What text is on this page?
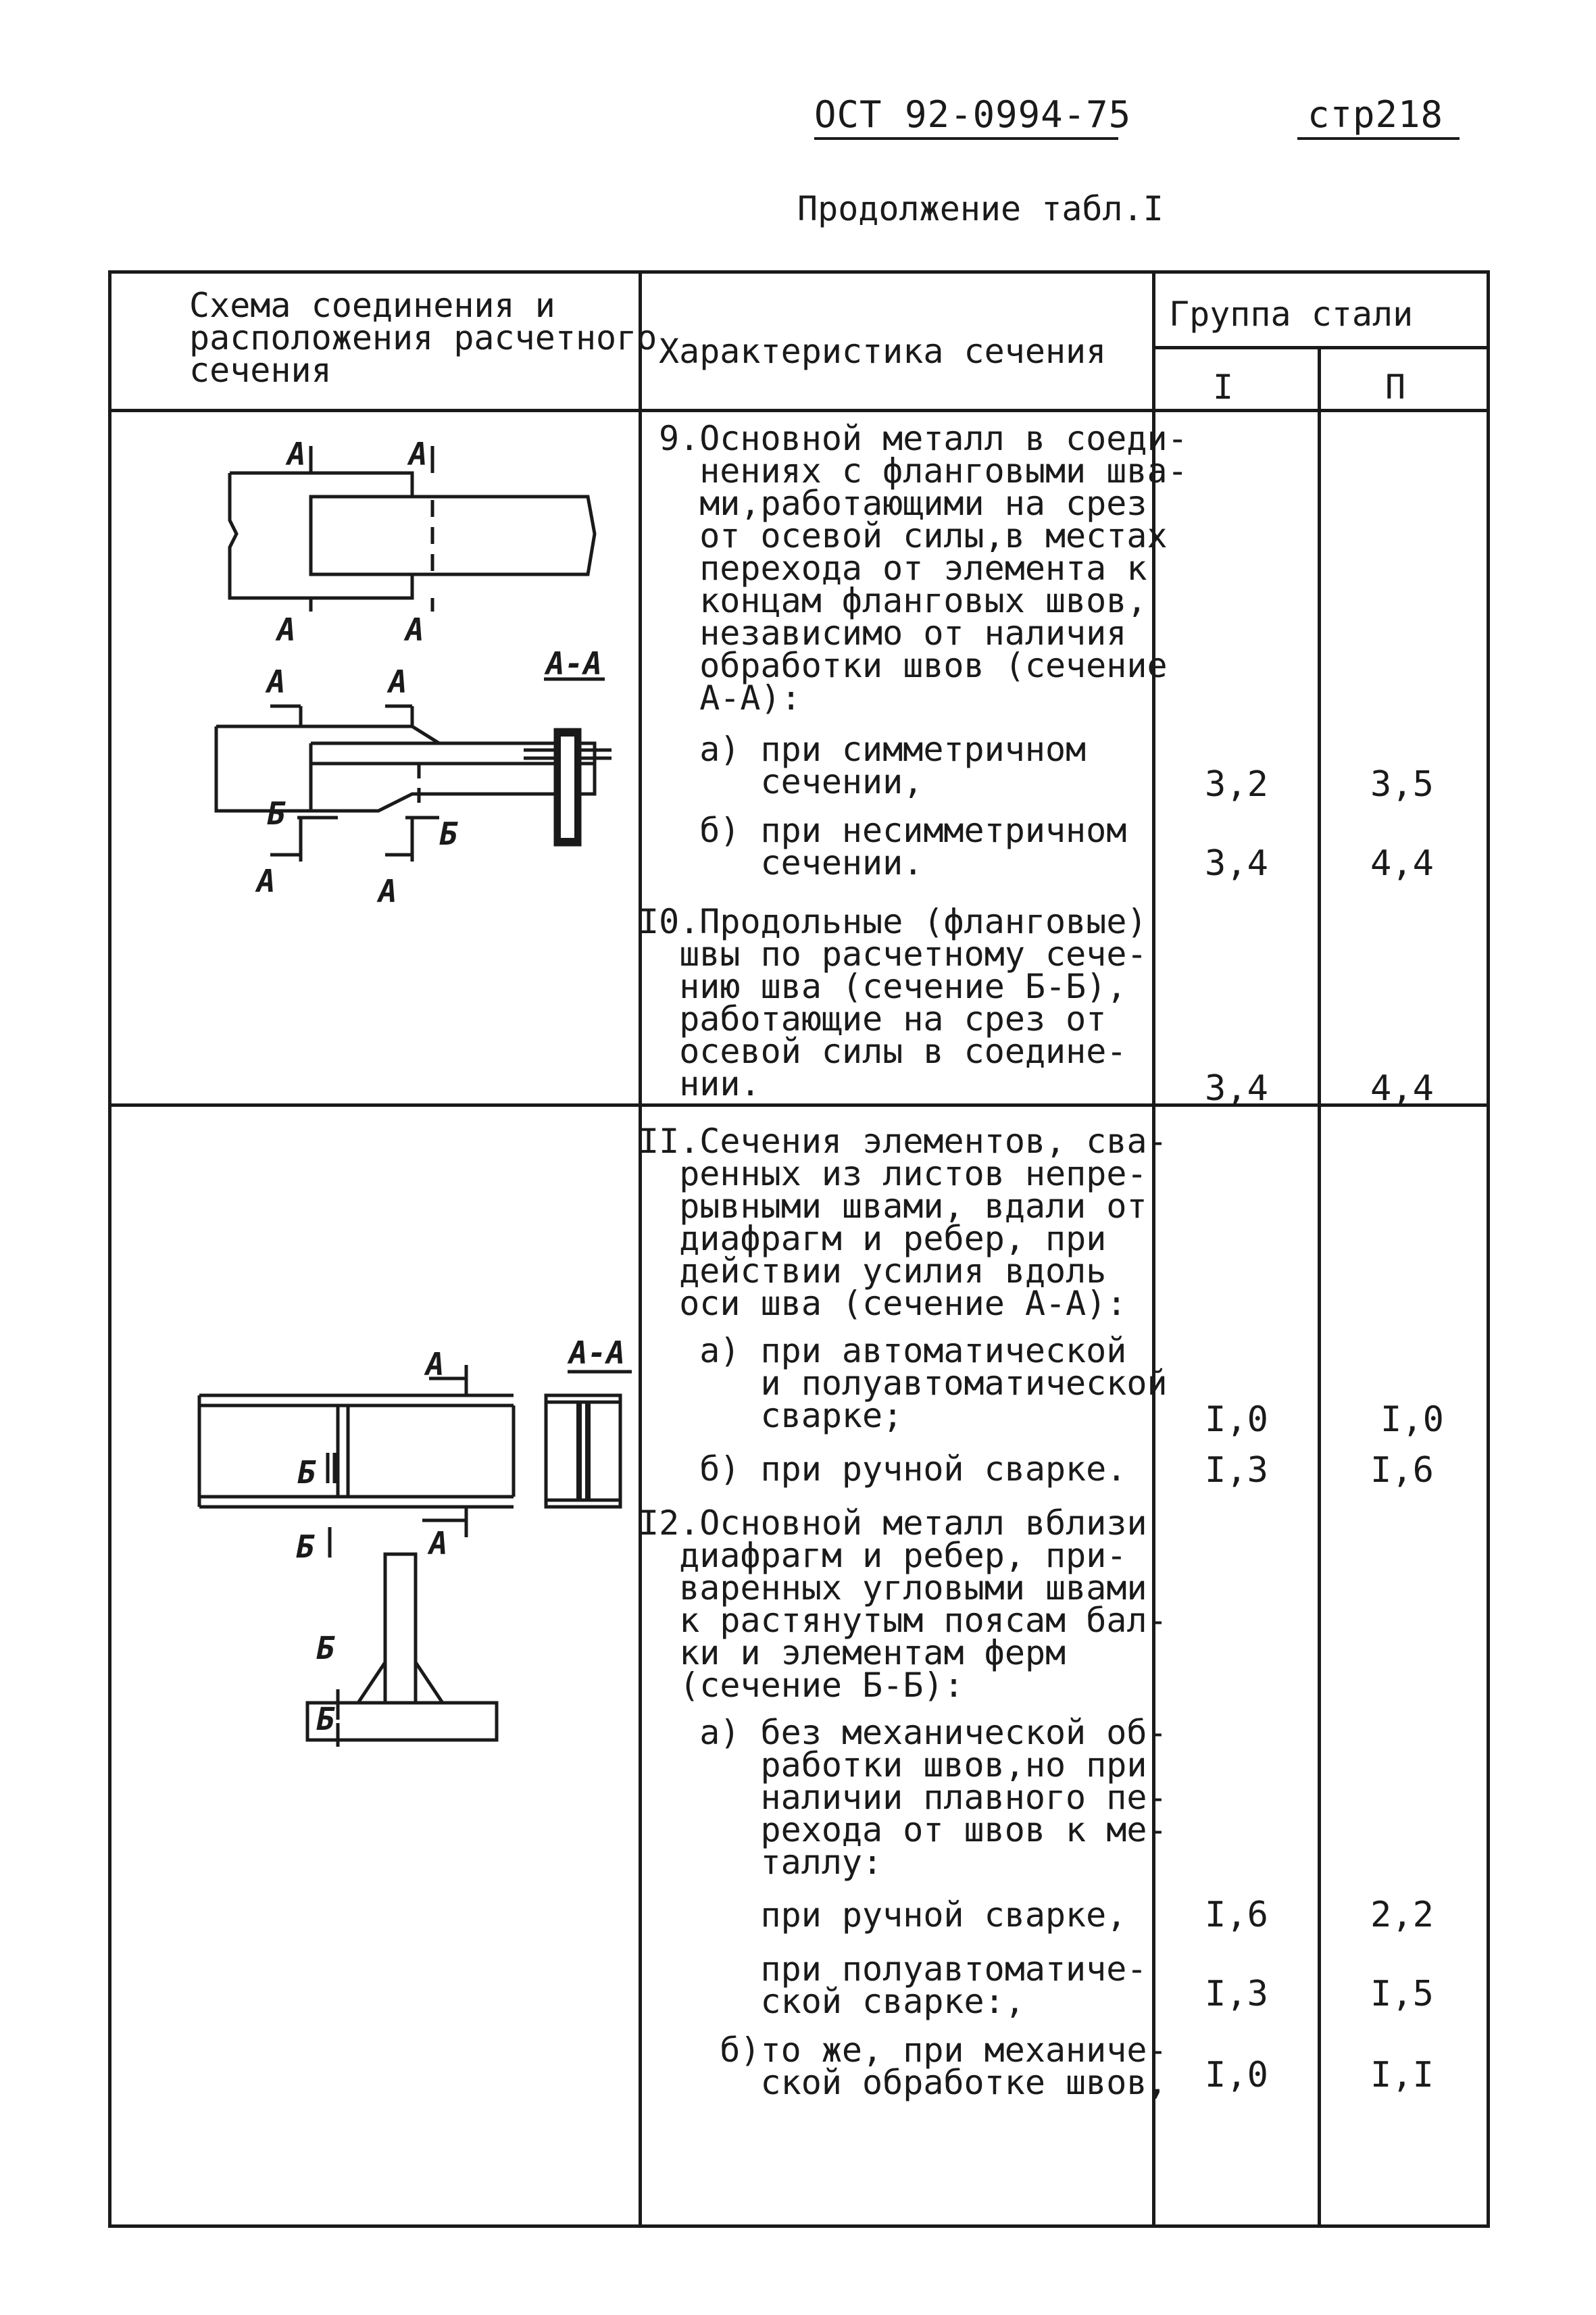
ОСТ 92-0994-75	стр218
Продолжение табл.I
Схема соединения и
расположения расчетного
сечения	Характеристика сечения
Группа стали
I	П
9.Основной металл в соеди-
нениях с фланговыми шва-
ми,работающими на срез
от осевой силы,в местах
перехода от элемента к
концам фланговых швов,
независимо от наличия
обработки швов (сечение
А-А):
а) при симметричном
сечении,	3,2	3,5
б) при несимметричном
сечении.	3,4	4,4
I0.Продольные (фланговые)
швы по расчетному сече-
нию шва (сечение Б-Б),
работающие на срез от
осевой силы в соедине-
нии.	3,4	4,4
II.Сечения элементов, сва-
ренных из листов непре-
рывными швами, вдали от
диафрагм и ребер, при
действии усилия вдоль
оси шва (сечение А-А):
а) при автоматической
и полуавтоматической
сварке;	I,0	I,0
б) при ручной сварке.	I,3	I,6
I2.Основной металл вблизи
диафрагм и ребер, при-
варенных угловыми швами
к растянутым поясам бал-
ки и элементам ферм
(сечение Б-Б):
а) без механической об-
работки швов,но при
наличии плавного пе-
рехода от швов к ме-
таллу:
при ручной сварке,	I,6	2,2
при полуавтоматиче-
ской сварке:,	I,3	I,5
б)то же, при механиче-
ской обработке швов,	I,0	I,I
А	А
А	А
А	А
А	А
Б
Б
А-А
А
А
Б
Б
Б
Б
А-А
